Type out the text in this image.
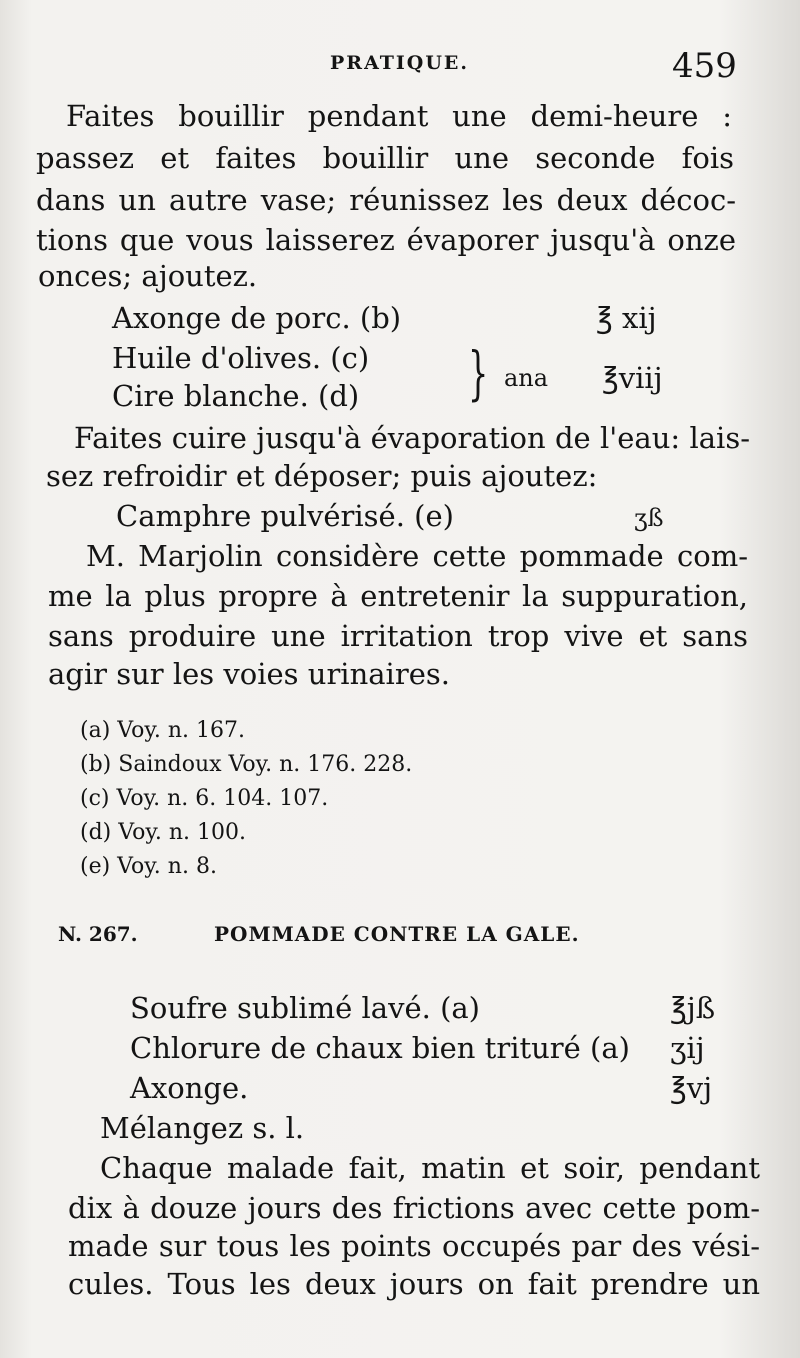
PRATIQUE.	459
Faites bouillir pendant une demi-heure :
passez et faites bouillir une seconde fois
dans un autre vase; réunissez les deux décoc-
tions que vous laisserez évaporer jusqu'à onze
onces; ajoutez.
Axonge de porc. (b)	℥ xij
Huile d'olives. (c)
Cire blanche. (d) } ana ℥viij
Faites cuire jusqu'à évaporation de l'eau: lais-
sez refroidir et déposer; puis ajoutez:
Camphre pulvérisé. (e)	ʒß
M. Marjolin considère cette pommade com-
me la plus propre à entretenir la suppuration,
sans produire une irritation trop vive et sans
agir sur les voies urinaires.
(a) Voy. n. 167.
(b) Saindoux Voy. n. 176. 228.
(c) Voy. n. 6. 104. 107.
(d) Voy. n. 100.
(e) Voy. n. 8.
N. 267.	POMMADE CONTRE LA GALE.
Soufre sublimé lavé. (a)	℥jß
Chlorure de chaux bien trituré (a) ʒij
Axonge.	℥vj
Mélangez s. l.
Chaque malade fait, matin et soir, pendant
dix à douze jours des frictions avec cette pom-
made sur tous les points occupés par des vési-
cules. Tous les deux jours on fait prendre un
